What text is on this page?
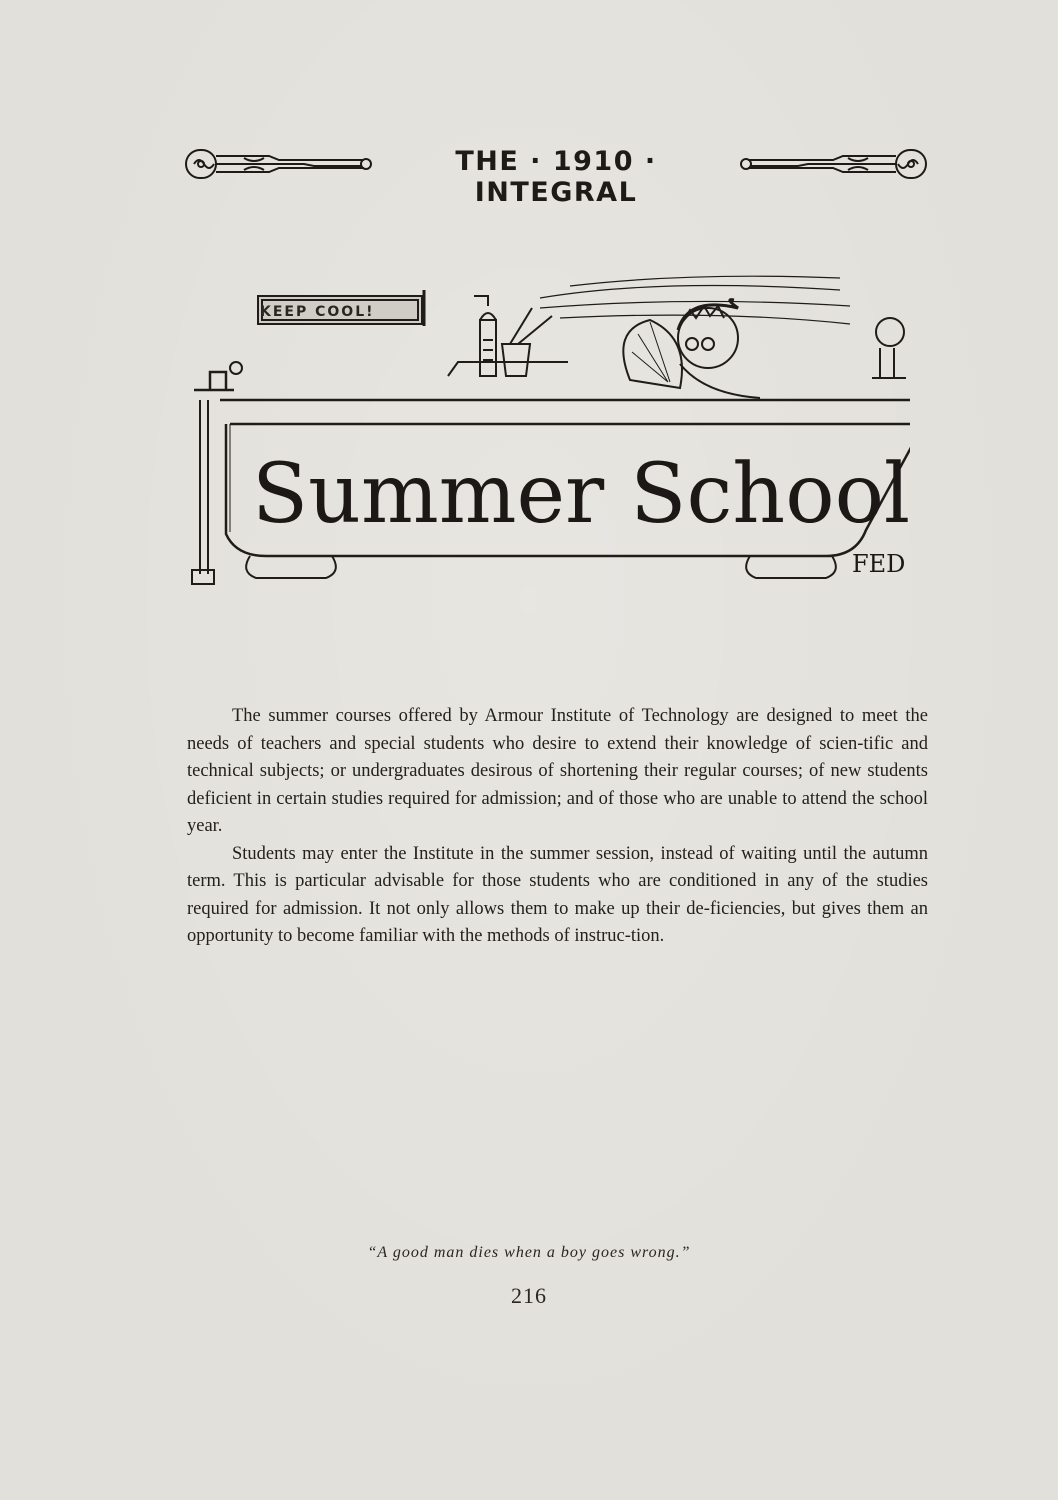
THE · 1910 · INTEGRAL
KEEP COOL!
Summer School
FED

The summer courses offered by Armour Institute of Technology are designed to meet the needs of teachers and special students who desire to extend their knowledge of scien-tific and technical subjects; or undergraduates desirous of shortening their regular courses; of new students deficient in certain studies required for admission; and of those who are unable to attend the school year.

Students may enter the Institute in the summer session, instead of waiting until the autumn term. This is particular advisable for those students who are conditioned in any of the studies required for admission. It not only allows them to make up their de-ficiencies, but gives them an opportunity to become familiar with the methods of instruc-tion.

“A good man dies when a boy goes wrong.”
216
